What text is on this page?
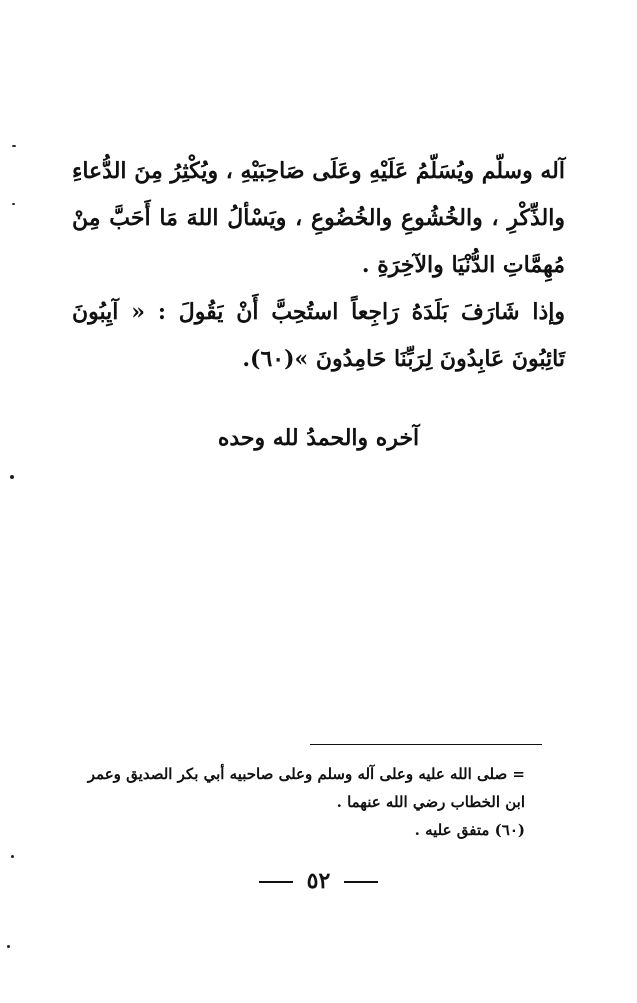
آله وسلّم ويُسَلّمُ عَلَيْهِ وعَلَى صَاحِبَيْهِ ، ويُكْثِرُ مِنَ الدُّعاءِ والذِّكْرِ ، والخُشُوعِ والخُضُوعِ ، ويَسْألُ اللهَ مَا أَحَبَّ مِنْ مُهِمَّاتِ الدُّنْيَا والآخِرَةِ .

وإذا شَارَفَ بَلَدَهُ رَاجِعاً استُحِبَّ أَنْ يَقُولَ : « آيِبُونَ تَائِبُونَ عَابِدُونَ لِرَبِّنَا حَامِدُونَ »(٦٠).

آخره والحمدُ لله وحده

= صلى الله عليه وعلى آله وسلم وعلى صاحبيه أبي بكر الصديق وعمر ابن الخطاب رضي الله عنهما .

(٦٠) متفق عليه .

٥٢
